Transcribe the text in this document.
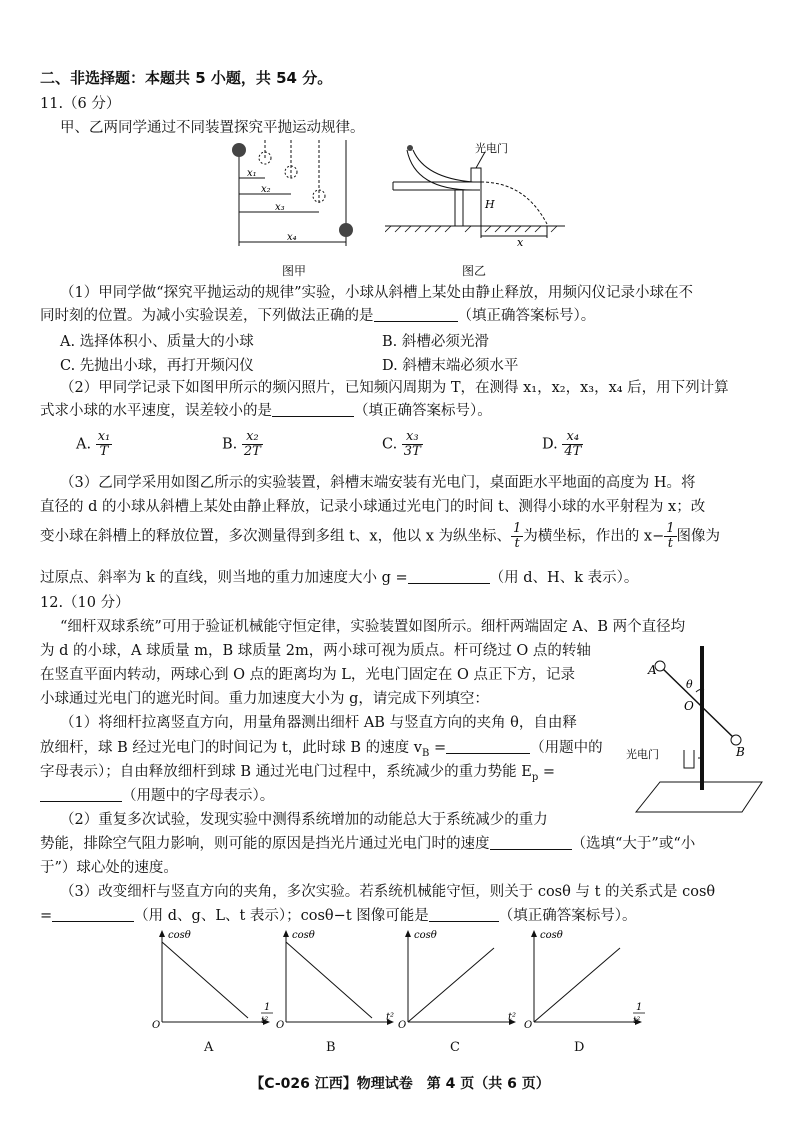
二、非选择题：本题共 5 小题，共 54 分。
11.（6 分）
甲、乙两同学通过不同装置探究平抛运动规律。
x₁
x₂
x₃
x₄
图甲
光电门
H
x
图乙
（1）甲同学做“探究平抛运动的规律”实验，小球从斜槽上某处由静止释放，用频闪仪记录小球在不
同时刻的位置。为减小实验误差，下列做法正确的是	（填正确答案标号）。
A. 选择体积小、质量大的小球	B. 斜槽必须光滑
C. 先抛出小球，再打开频闪仪	D. 斜槽末端必须水平
（2）甲同学记录下如图甲所示的频闪照片，已知频闪周期为 T，在测得 x₁，x₂，x₃，x₄ 后，用下列计算
式求小球的水平速度，误差较小的是	（填正确答案标号）。
A. $\frac{\text{x₁}}{T}$	B. $\frac{\text{x₂}}{2T}$	C. $\frac{\text{x₃}}{3T}$	D. $\frac{\text{x₄}}{4T}$
（3）乙同学采用如图乙所示的实验装置，斜槽末端安装有光电门，桌面距水平地面的高度为 H。将
直径的 d 的小球从斜槽上某处由静止释放，记录小球通过光电门的时间 t、测得小球的水平射程为 x；改
变小球在斜槽上的释放位置，多次测量得到多组 t、x，他以 x 为纵坐标、 $\frac{1}{t}$ 为横坐标，作出的 $x- \frac{1}{t}$ 图像为
过原点、斜率为 k 的直线，则当地的重力加速度大小 g =	（用 d、H、k 表示）。
12.（10 分）
“细杆双球系统”可用于验证机械能守恒定律，实验装置如图所示。细杆两端固定 A、B 两个直径均
为 d 的小球，A 球质量 m，B 球质量 2m，两小球可视为质点。杆可绕过 O 点的转轴
在竖直平面内转动，两球心到 O 点的距离均为 L，光电门固定在 O 点正下方，记录
小球通过光电门的遮光时间。重力加速度大小为 g，请完成下列填空：
（1）将细杆拉离竖直方向，用量角器测出细杆 AB 与竖直方向的夹角 θ，自由释
放细杆，球 B 经过光电门的时间记为 t，此时球 B 的速度 $v_B$ =	（用题中的
字母表示）；自由释放细杆到球 B 通过光电门过程中，系统减少的重力势能 $E_p$ =
（用题中的字母表示）。
（2）重复多次试验，发现实验中测得系统增加的动能总大于系统减少的重力
势能，排除空气阻力影响，则可能的原因是挡光片通过光电门时的速度	（选填“大于”或“小
于”）球心处的速度。
（3）改变细杆与竖直方向的夹角，多次实验。若系统机械能守恒，则关于 cosθ 与 t 的关系式是 cosθ
=	（用 d、g、L、t 表示）；cosθ−t 图像可能是	（填正确答案标号）。
A
B
O
θ
光电门
cosθ	cosθ	cosθ	cosθ
1
t²	t²	t²
1
t²
O	O	O	O
A	B	C	D
【C-026 江西】物理试卷　第 4 页（共 6 页）
